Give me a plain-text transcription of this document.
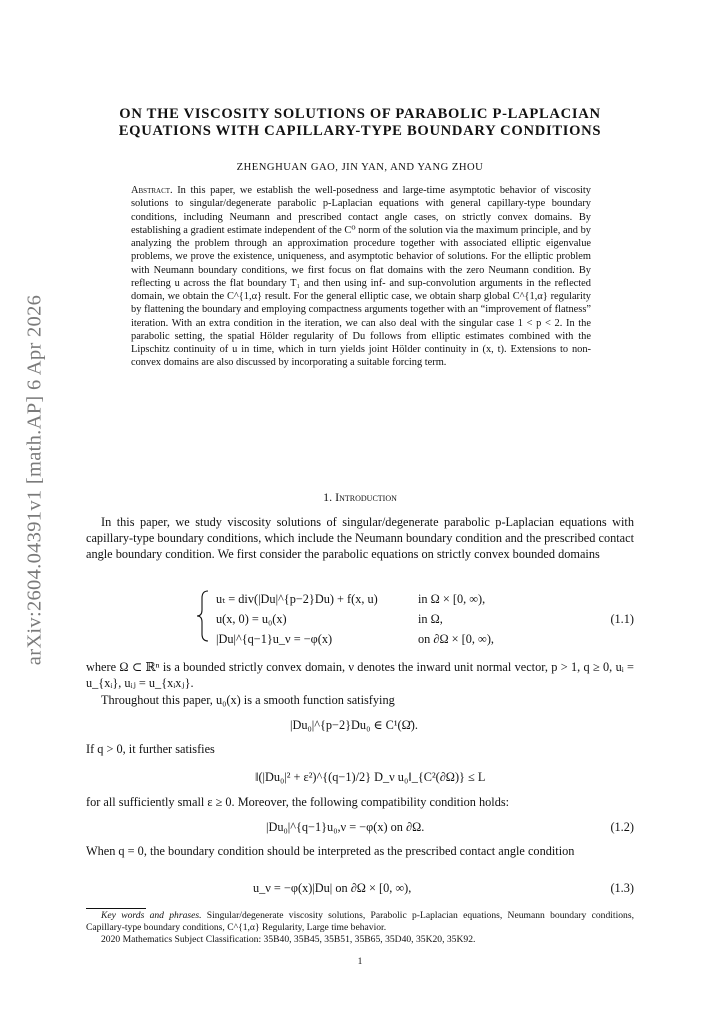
arXiv:2604.04391v1 [math.AP] 6 Apr 2026
ON THE VISCOSITY SOLUTIONS OF PARABOLIC P-LAPLACIAN
EQUATIONS WITH CAPILLARY-TYPE BOUNDARY CONDITIONS
ZHENGHUAN GAO, JIN YAN, AND YANG ZHOU
Abstract. In this paper, we establish the well-posedness and large-time asymptotic behavior of viscosity solutions to singular/degenerate parabolic p-Laplacian equations with general capillary-type boundary conditions, including Neumann and prescribed contact angle cases, on strictly convex domains. By establishing a gradient estimate independent of the C⁰ norm of the solution via the maximum principle, and by analyzing the problem through an approximation procedure together with associated elliptic eigenvalue problems, we prove the existence, uniqueness, and asymptotic behavior of solutions. For the elliptic problem with Neumann boundary conditions, we first focus on flat domains with the zero Neumann condition. By reflecting u across the flat boundary T₁ and then using inf- and sup-convolution arguments in the reflected domain, we obtain the C^{1,α} result. For the general elliptic case, we obtain sharp global C^{1,α} regularity by flattening the boundary and employing compactness arguments together with an “improvement of flatness” iteration. With an extra condition in the iteration, we can also deal with the singular case 1 < p < 2. In the parabolic setting, the spatial Hölder regularity of Du follows from elliptic estimates combined with the Lipschitz continuity of u in time, which in turn yields joint Hölder continuity in (x, t). Extensions to non-convex domains are also discussed by incorporating a suitable forcing term.
1. Introduction
In this paper, we study viscosity solutions of singular/degenerate parabolic p-Laplacian equations with capillary-type boundary conditions, which include the Neumann boundary condition and the prescribed contact angle boundary condition. We first consider the parabolic equations on strictly convex bounded domains
uₜ = div(|Du|^{p−2}Du) + f(x, u)	in Ω × [0, ∞),
u(x, 0) = u₀(x)	in Ω,
|Du|^{q−1}u_ν = −φ(x)	on ∂Ω × [0, ∞),
(1.1)
where Ω ⊂ ℝⁿ is a bounded strictly convex domain, ν denotes the inward unit normal vector, p > 1, q ≥ 0, uᵢ = u_{xᵢ}, uᵢⱼ = u_{xᵢxⱼ}.
Throughout this paper, u₀(x) is a smooth function satisfying
|Du₀|^{p−2}Du₀ ∈ C¹(Ω̄).
If q > 0, it further satisfies
‖(|Du₀|² + ε²)^{(q−1)/2} D_ν u₀‖_{C²(∂Ω)} ≤ L
for all sufficiently small ε ≥ 0. Moreover, the following compatibility condition holds:
|Du₀|^{q−1}u₀,ν = −φ(x) on ∂Ω.	(1.2)
When q = 0, the boundary condition should be interpreted as the prescribed contact angle condition
u_ν = −φ(x)|Du| on ∂Ω × [0, ∞),	(1.3)
Key words and phrases. Singular/degenerate viscosity solutions, Parabolic p-Laplacian equations, Neumann boundary conditions, Capillary-type boundary conditions, C^{1,α} Regularity, Large time behavior.
2020 Mathematics Subject Classification: 35B40, 35B45, 35B51, 35B65, 35D40, 35K20, 35K92.
1
